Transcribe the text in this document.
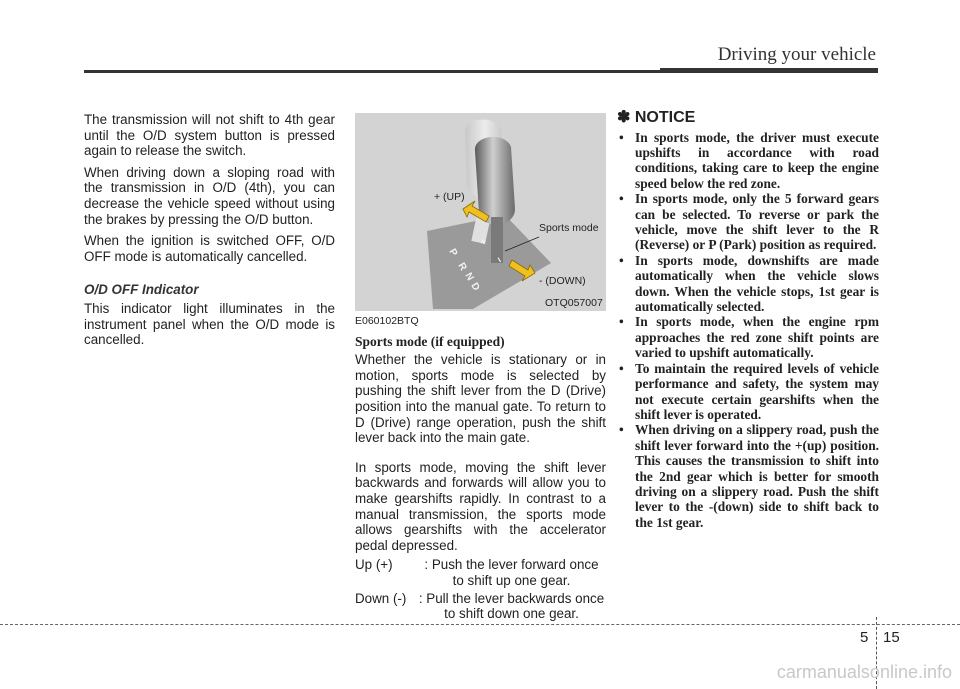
Driving your vehicle

The transmission will not shift to 4th gear until the O/D system button is pressed again to release the switch.

When driving down a sloping road with the transmission in O/D (4th), you can decrease the vehicle speed without using the brakes by pressing the O/D button.

When the ignition is switched OFF, O/D OFF mode is automatically cancelled.

O/D OFF Indicator

This indicator light illuminates in the instrument panel when the O/D mode is cancelled.

P
R
N
D
+
−
+ (UP)
Sports mode
- (DOWN)
OTQ057007
E060102BTQ
Sports mode (if equipped)

Whether the vehicle is stationary or in motion, sports mode is selected by pushing the shift lever from the D (Drive) position into the manual gate. To return to D (Drive) range operation, push the shift lever back into the main gate.

In sports mode, moving the shift lever backwards and forwards will allow you to make gearshifts rapidly. In contrast to a manual transmission, the sports mode allows gearshifts with the accelerator pedal depressed.

Up (+)	: Push the lever forward once to shift up one gear.
Down (-) : Pull the lever backwards once to shift down one gear.
✽ NOTICE
• In sports mode, the driver must execute upshifts in accordance with road conditions, taking care to keep the engine speed below the red zone.
• In sports mode, only the 5 forward gears can be selected. To reverse or park the vehicle, move the shift lever to the R (Reverse) or P (Park) position as required.
• In sports mode, downshifts are made automatically when the vehicle slows down. When the vehicle stops, 1st gear is automatically selected.
• In sports mode, when the engine rpm approaches the red zone shift points are varied to upshift automatically.
• To maintain the required levels of vehicle performance and safety, the system may not execute certain gearshifts when the shift lever is operated.
• When driving on a slippery road, push the shift lever forward into the +(up) position. This causes the transmission to shift into the 2nd gear which is better for smooth driving on a slippery road. Push the shift lever to the -(down) side to shift back to the 1st gear.
5 15
carmanualsonline.info
